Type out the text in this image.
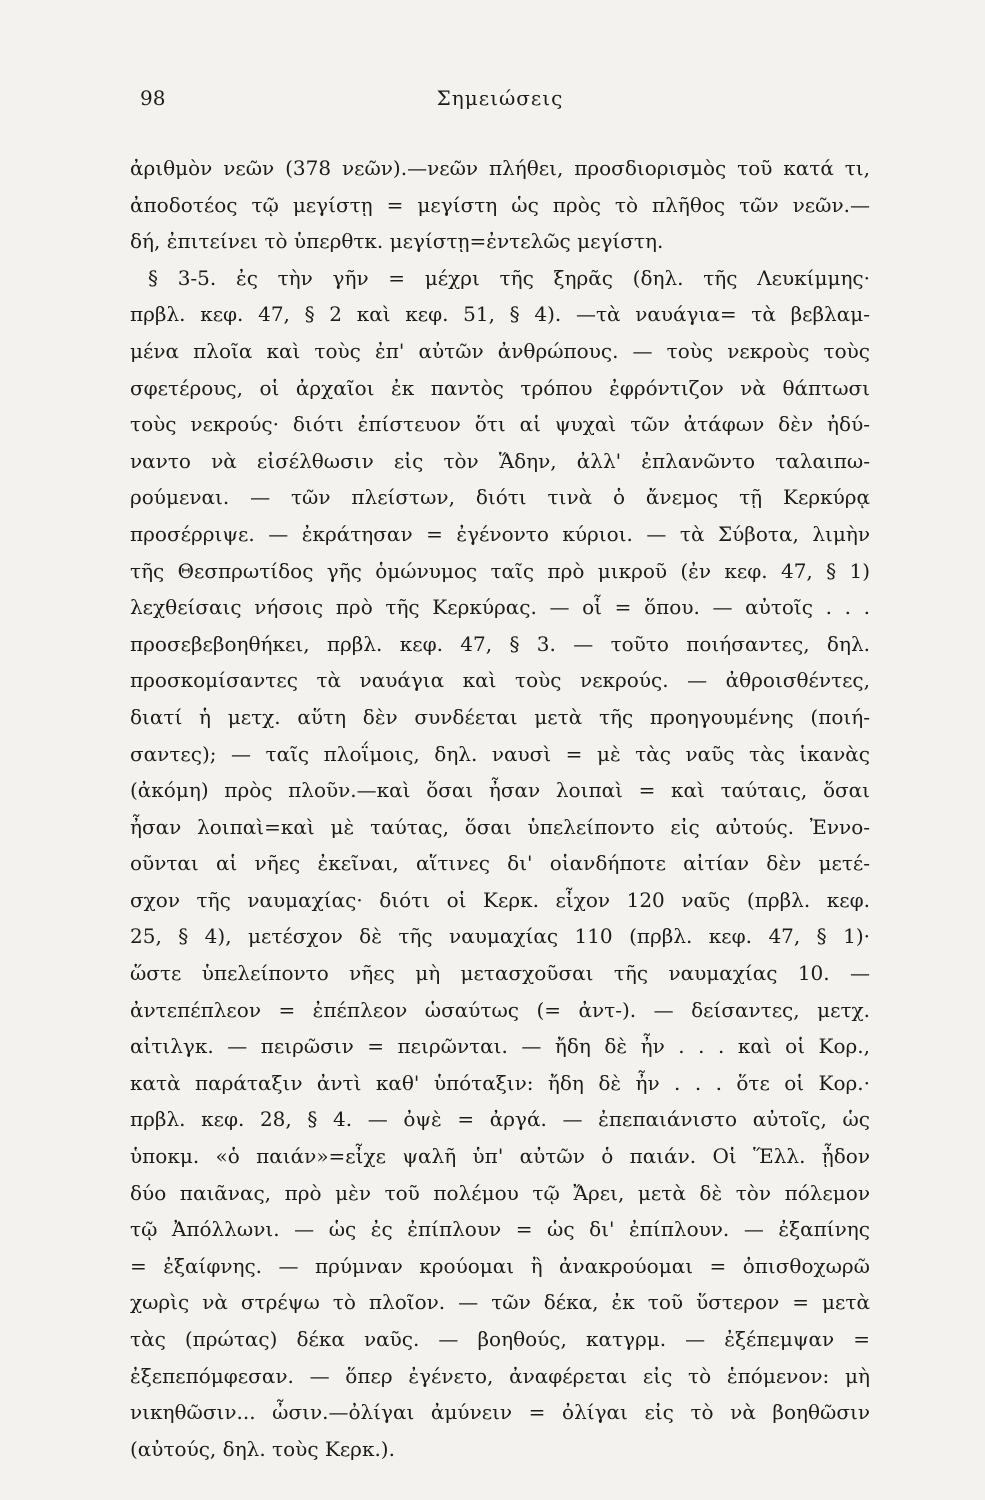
98	Σημειώσεις
ἀριθμὸν νεῶν (378 νεῶν).—νεῶν πλήθει, προσδιορισμὸς τοῦ κατά τι,
ἀποδοτέος τῷ μεγίστῃ = μεγίστη ὡς πρὸς τὸ πλῆθος τῶν νεῶν.—
δή, ἐπιτείνει τὸ ὑπερθτκ. μεγίστῃ=ἐντελῶς μεγίστη.
§ 3-5. ἐς τὴν γῆν = μέχρι τῆς ξηρᾶς (δηλ. τῆς Λευκίμμης·
πρβλ. κεφ. 47, § 2 καὶ κεφ. 51, § 4). —τὰ ναυάγια= τὰ βεβλαμ-
μένα πλοῖα καὶ τοὺς ἐπ' αὐτῶν ἀνθρώπους. — τοὺς νεκροὺς τοὺς
σφετέρους, οἱ ἀρχαῖοι ἐκ παντὸς τρόπου ἐφρόντιζον νὰ θάπτωσι
τοὺς νεκρούς· διότι ἐπίστευον ὅτι αἱ ψυχαὶ τῶν ἀτάφων δὲν ἠδύ-
ναντο νὰ εἰσέλθωσιν εἰς τὸν Ἅδην, ἀλλ' ἐπλανῶντο ταλαιπω-
ρούμεναι. — τῶν πλείστων, διότι τινὰ ὁ ἄνεμος τῇ Κερκύρᾳ
προσέρριψε. — ἐκράτησαν = ἐγένοντο κύριοι. — τὰ Σύβοτα, λιμὴν
τῆς Θεσπρωτίδος γῆς ὁμώνυμος ταῖς πρὸ μικροῦ (ἐν κεφ. 47, § 1)
λεχθείσαις νήσοις πρὸ τῆς Κερκύρας. — οἷ = ὅπου. — αὐτοῖς . . .
προσεβεβοηθήκει, πρβλ. κεφ. 47, § 3. — τοῦτο ποιήσαντες, δηλ.
προσκομίσαντες τὰ ναυάγια καὶ τοὺς νεκρούς. — ἀθροισθέντες,
διατί ἡ μετχ. αὕτη δὲν συνδέεται μετὰ τῆς προηγουμένης (ποιή-
σαντες); — ταῖς πλοΐμοις, δηλ. ναυσὶ = μὲ τὰς ναῦς τὰς ἱκανὰς
(ἀκόμη) πρὸς πλοῦν.—καὶ ὅσαι ἦσαν λοιπαὶ = καὶ ταύταις, ὅσαι
ἦσαν λοιπαὶ=καὶ μὲ ταύτας, ὅσαι ὑπελείποντο εἰς αὐτούς. Ἐννο-
οῦνται αἱ νῆες ἐκεῖναι, αἵτινες δι' οἱανδήποτε αἰτίαν δὲν μετέ-
σχον τῆς ναυμαχίας· διότι οἱ Κερκ. εἶχον 120 ναῦς (πρβλ. κεφ.
25, § 4), μετέσχον δὲ τῆς ναυμαχίας 110 (πρβλ. κεφ. 47, § 1)·
ὥστε ὑπελείποντο νῆες μὴ μετασχοῦσαι τῆς ναυμαχίας 10. —
ἀντεπέπλεον = ἐπέπλεον ὡσαύτως (= ἀντ-). — δείσαντες, μετχ.
αἰτιλγκ. — πειρῶσιν = πειρῶνται. — ἤδη δὲ ἦν . . . καὶ οἱ Κορ.,
κατὰ παράταξιν ἀντὶ καθ' ὑπόταξιν: ἤδη δὲ ἦν . . . ὅτε οἱ Κορ.·
πρβλ. κεφ. 28, § 4. — ὀψὲ = ἀργά. — ἐπεπαιάνιστο αὐτοῖς, ὡς
ὑποκμ. «ὁ παιάν»=εἶχε ψαλῆ ὑπ' αὐτῶν ὁ παιάν. Οἱ Ἕλλ. ᾖδον
δύο παιᾶνας, πρὸ μὲν τοῦ πολέμου τῷ Ἄρει, μετὰ δὲ τὸν πόλεμον
τῷ Ἀπόλλωνι. — ὡς ἐς ἐπίπλουν = ὡς δι' ἐπίπλουν. — ἐξαπίνης
= ἐξαίφνης. — πρύμναν κρούομαι ἢ ἀνακρούομαι = ὀπισθοχωρῶ
χωρὶς νὰ στρέψω τὸ πλοῖον. — τῶν δέκα, ἐκ τοῦ ὕστερον = μετὰ
τὰς (πρώτας) δέκα ναῦς. — βοηθούς, κατγρμ. — ἐξέπεμψαν =
ἐξεπεπόμφεσαν. — ὅπερ ἐγένετο, ἀναφέρεται εἰς τὸ ἑπόμενον: μὴ
νικηθῶσιν... ὦσιν.—ὀλίγαι ἀμύνειν = ὀλίγαι εἰς τὸ νὰ βοηθῶσιν
(αὐτούς, δηλ. τοὺς Κερκ.).
